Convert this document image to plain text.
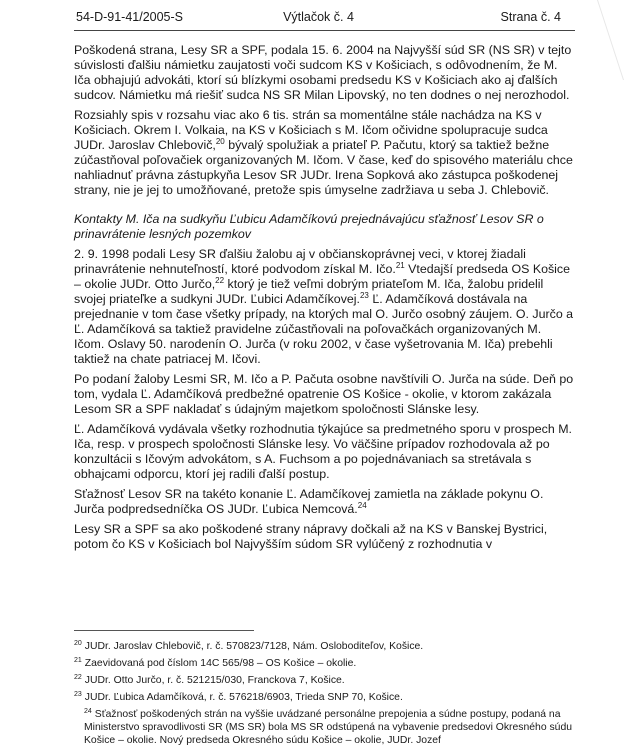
54-D-91-41/2005-S	Výtlačok č. 4	Strana č. 4

Poškodená strana, Lesy SR a SPF, podala 15. 6. 2004 na Najvyšší súd SR (NS SR) v tejto súvislosti ďalšiu námietku zaujatosti voči sudcom KS v Košiciach, s odôvodnením, že M. Iča obhajujú advokáti, ktorí sú blízkymi osobami predsedu KS v Košiciach ako aj ďalších sudcov. Námietku má riešiť sudca NS SR Milan Lipovský, no ten dodnes o nej nerozhodol.

Rozsiahly spis v rozsahu viac ako 6 tis. strán sa momentálne stále nachádza na KS v Košiciach. Okrem I. Volkaia, na KS v Košiciach s M. Ičom očividne spolupracuje sudca JUDr. Jaroslav Chlebovič,$^{20}$ bývalý spolužiak a priateľ P. Pačutu, ktorý sa taktiež bežne zúčastňoval poľovačiek organizovaných M. Ičom. V čase, keď do spisového materiálu chce nahliadnuť právna zástupkyňa Lesov SR JUDr. Irena Sopková ako zástupca poškodenej strany, nie je jej to umožňované, pretože spis úmyselne zadržiava u seba J. Chlebovič.

Kontakty M. Iča na sudkyňu Ľubicu Adamčíkovú prejednávajúcu sťažnosť Lesov SR o prinavrátenie lesných pozemkov

2. 9. 1998 podali Lesy SR ďalšiu žalobu aj v občianskoprávnej veci, v ktorej žiadali prinavrátenie nehnuteľností, ktoré podvodom získal M. Ičo.$^{21}$ Vtedajší predseda OS Košice – okolie JUDr. Otto Jurčo,$^{22}$ ktorý je tiež veľmi dobrým priateľom M. Iča, žalobu pridelil svojej priateľke a sudkyni JUDr. Ľubici Adamčíkovej.$^{23}$ Ľ. Adamčíková dostávala na prejednanie v tom čase všetky prípady, na ktorých mal O. Jurčo osobný záujem. O. Jurčo a Ľ. Adamčíková sa taktiež pravidelne zúčastňovali na poľovačkách organizovaných M. Ičom. Oslavy 50. narodenín O. Jurča (v roku 2002, v čase vyšetrovania M. Iča) prebehli taktiež na chate patriacej M. Ičovi.

Po podaní žaloby Lesmi SR, M. Ičo a P. Pačuta osobne navštívili O. Jurča na súde. Deň po tom, vydala Ľ. Adamčíková predbežné opatrenie OS Košice - okolie, v ktorom zakázala Lesom SR a SPF nakladať s údajným majetkom spoločnosti Slánske lesy.

Ľ. Adamčíková vydávala všetky rozhodnutia týkajúce sa predmetného sporu v prospech M. Iča, resp. v prospech spoločnosti Slánske lesy. Vo väčšine prípadov rozhodovala až po konzultácii s Ičovým advokátom, s A. Fuchsom a po pojednávaniach sa stretávala s obhajcami odporcu, ktorí jej radili ďalší postup.

Sťažnosť Lesov SR na takéto konanie Ľ. Adamčíkovej zamietla na základe pokynu O. Jurča podpredsedníčka OS JUDr. Ľubica Nemcová.$^{24}$

Lesy SR a SPF sa ako poškodené strany nápravy dočkali až na KS v Banskej Bystrici, potom čo KS v Košiciach bol Najvyšším súdom SR vylúčený z rozhodnutia v

$^{20}$ JUDr. Jaroslav Chlebovič, r. č. 570823/7128, Nám. Osloboditeľov, Košice.

$^{21}$ Zaevidovaná pod číslom 14C 565/98 – OS Košice – okolie.

$^{22}$ JUDr. Otto Jurčo, r. č. 521215/030, Franckova 7, Košice.

$^{23}$ JUDr. Ľubica Adamčíková, r. č. 576218/6903, Trieda SNP 70, Košice.

$^{24}$ Sťažnosť poškodených strán na vyššie uvádzané personálne prepojenia a súdne postupy, podaná na Ministerstvo spravodlivosti SR (MS SR) bola MS SR odstúpená na vybavenie predsedovi Okresného súdu Košice – okolie. Nový predseda Okresného súdu Košice – okolie, JUDr. Jozef
